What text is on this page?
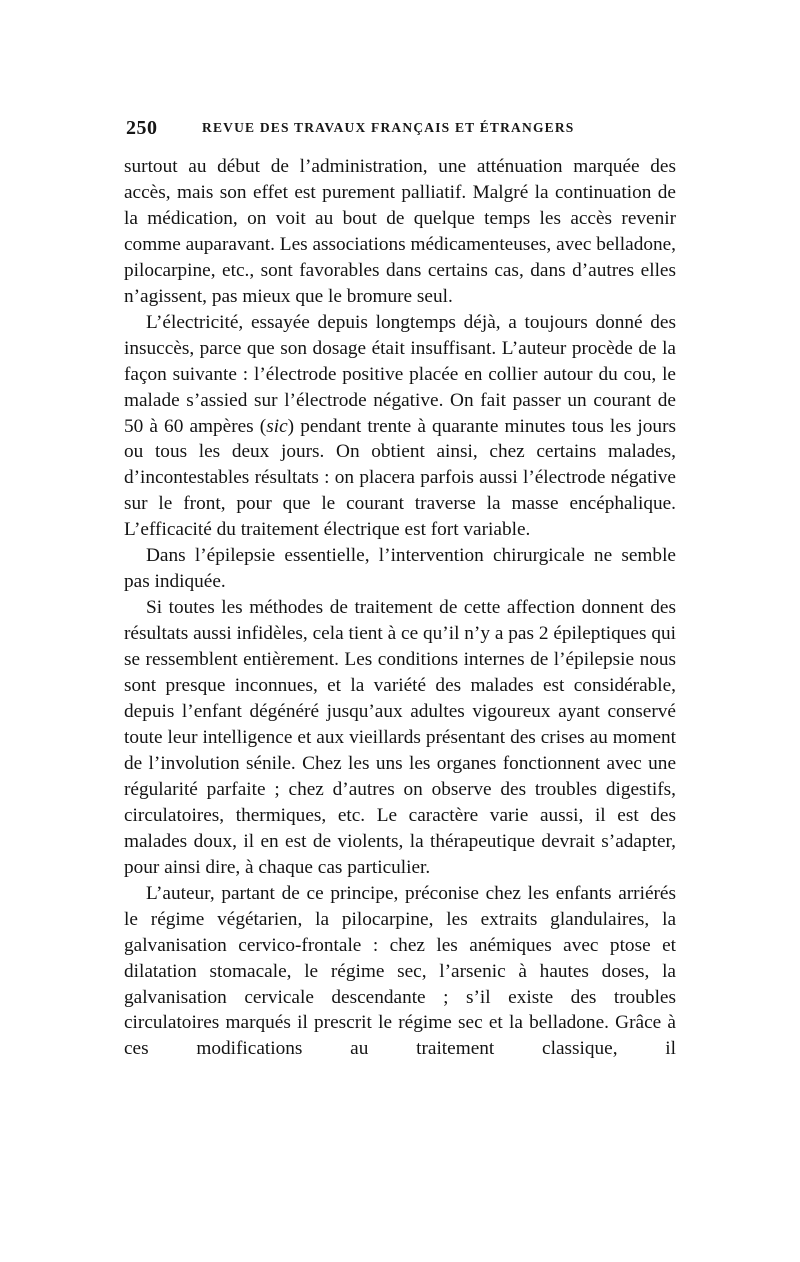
250	REVUE DES TRAVAUX FRANÇAIS ET ÉTRANGERS

surtout au début de l’administration, une atténuation marquée des accès, mais son effet est purement palliatif. Malgré la continuation de la médication, on voit au bout de quelque temps les accès revenir comme auparavant. Les associations médicamenteuses, avec belladone, pilocarpine, etc., sont favorables dans certains cas, dans d’autres elles n’agissent, pas mieux que le bromure seul.

L’électricité, essayée depuis longtemps déjà, a toujours donné des insuccès, parce que son dosage était insuffisant. L’auteur procède de la façon suivante : l’électrode positive placée en collier autour du cou, le malade s’assied sur l’électrode négative. On fait passer un courant de 50 à 60 ampères (sic) pendant trente à quarante minutes tous les jours ou tous les deux jours. On obtient ainsi, chez certains malades, d’incontestables résultats : on placera parfois aussi l’électrode négative sur le front, pour que le courant traverse la masse encéphalique. L’efficacité du traitement électrique est fort variable.

Dans l’épilepsie essentielle, l’intervention chirurgicale ne semble pas indiquée.

Si toutes les méthodes de traitement de cette affection donnent des résultats aussi infidèles, cela tient à ce qu’il n’y a pas 2 épileptiques qui se ressemblent entièrement. Les conditions internes de l’épilepsie nous sont presque inconnues, et la variété des malades est considérable, depuis l’enfant dégénéré jusqu’aux adultes vigoureux ayant conservé toute leur intelligence et aux vieillards présentant des crises au moment de l’involution sénile. Chez les uns les organes fonctionnent avec une régularité parfaite ; chez d’autres on observe des troubles digestifs, circulatoires, thermiques, etc. Le caractère varie aussi, il est des malades doux, il en est de violents, la thérapeutique devrait s’adapter, pour ainsi dire, à chaque cas particulier.

L’auteur, partant de ce principe, préconise chez les enfants arriérés le régime végétarien, la pilocarpine, les extraits glandulaires, la galvanisation cervico-frontale : chez les anémiques avec ptose et dilatation stomacale, le régime sec, l’arsenic à hautes doses, la galvanisation cervicale descendante ; s’il existe des troubles circulatoires marqués il prescrit le régime sec et la belladone. Grâce à ces modifications au traitement classique, il
